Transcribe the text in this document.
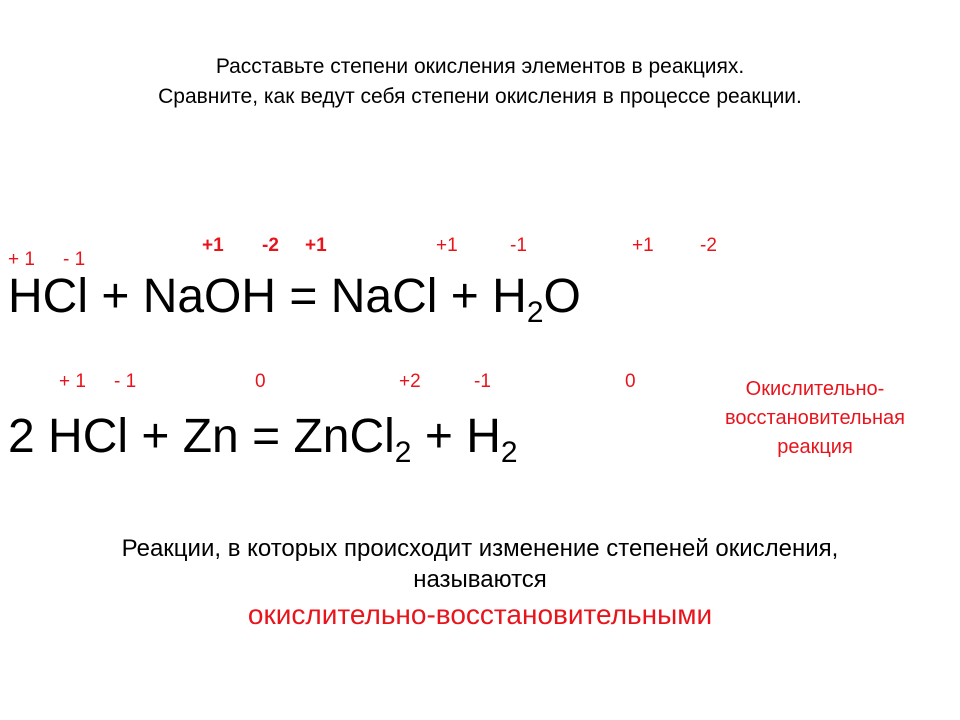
Расставьте степени окисления элементов в реакциях.
Сравните, как ведут себя степени окисления в процессе реакции.
+ 1 - 1
+1 -2 +1	+1	-1	+1 -2
HCl + NaOH = NaCl + $H_2O$
+ 1 - 1	0	+2	-1	0
2 HCl + Zn = ZnCl$_2$ + $H_2$
Окислительно-
восстановительная
реакция
Реакции, в которых происходит изменение степеней окисления,
называются
окислительно-восстановительными
